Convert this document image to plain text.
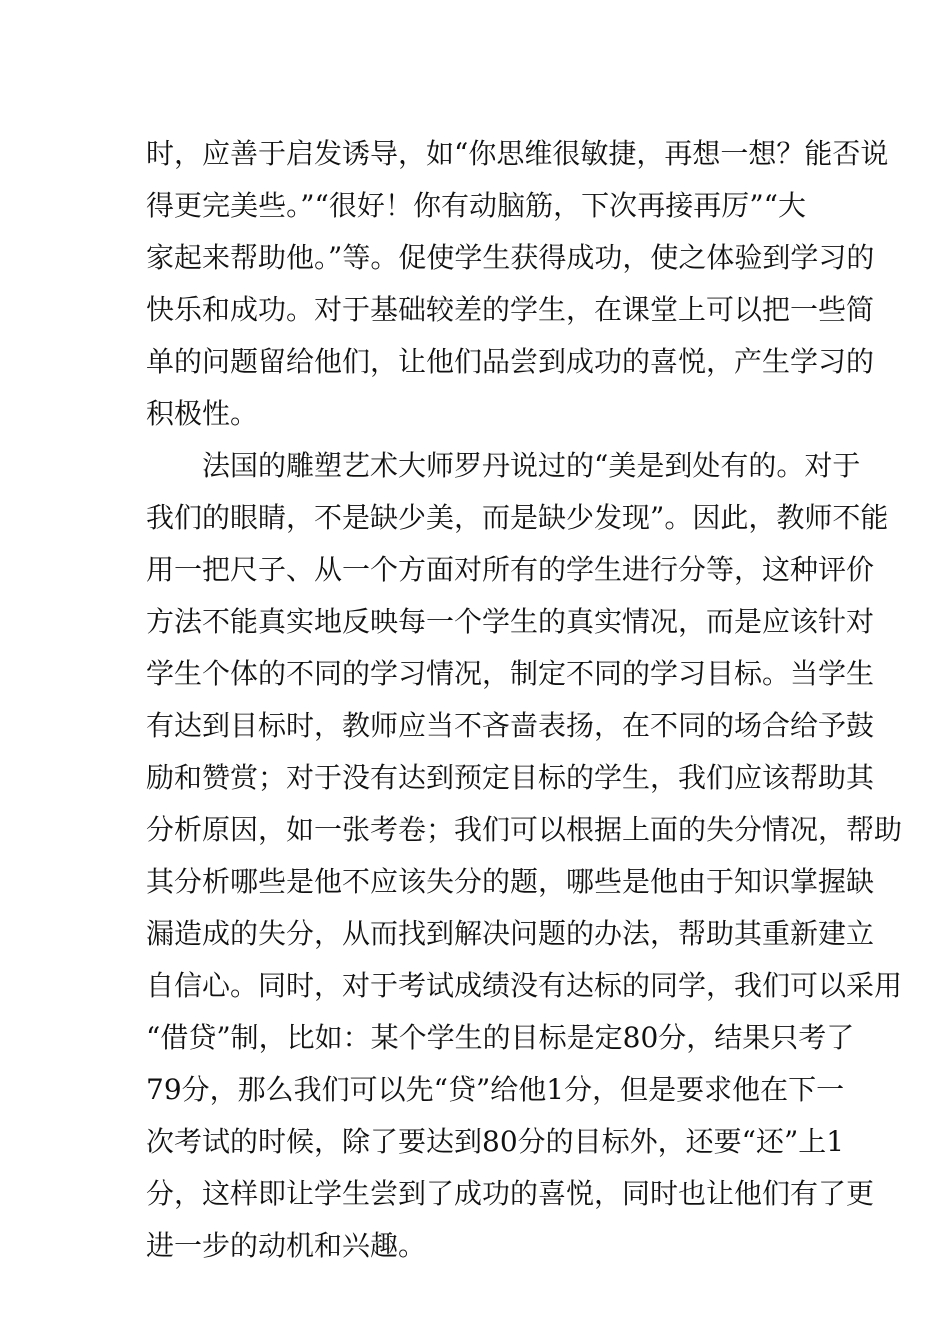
时，应善于启发诱导，如“你思维很敏捷，再想一想？能否说
得更完美些。”“很好！你有动脑筋，下次再接再厉”“大
家起来帮助他。”等。促使学生获得成功，使之体验到学习的
快乐和成功。对于基础较差的学生，在课堂上可以把一些简
单的问题留给他们，让他们品尝到成功的喜悦，产生学习的
积极性。
法国的雕塑艺术大师罗丹说过的“美是到处有的。对于
我们的眼睛，不是缺少美，而是缺少发现”。因此，教师不能
用一把尺子、从一个方面对所有的学生进行分等，这种评价
方法不能真实地反映每一个学生的真实情况，而是应该针对
学生个体的不同的学习情况，制定不同的学习目标。当学生
有达到目标时，教师应当不吝啬表扬，在不同的场合给予鼓
励和赞赏；对于没有达到预定目标的学生，我们应该帮助其
分析原因，如一张考卷；我们可以根据上面的失分情况，帮助
其分析哪些是他不应该失分的题，哪些是他由于知识掌握缺
漏造成的失分，从而找到解决问题的办法，帮助其重新建立
自信心。同时，对于考试成绩没有达标的同学，我们可以采用
“借贷”制，比如：某个学生的目标是定80分，结果只考了
79分，那么我们可以先“贷”给他1分，但是要求他在下一
次考试的时候，除了要达到80分的目标外，还要“还”上1
分，这样即让学生尝到了成功的喜悦，同时也让他们有了更
进一步的动机和兴趣。
